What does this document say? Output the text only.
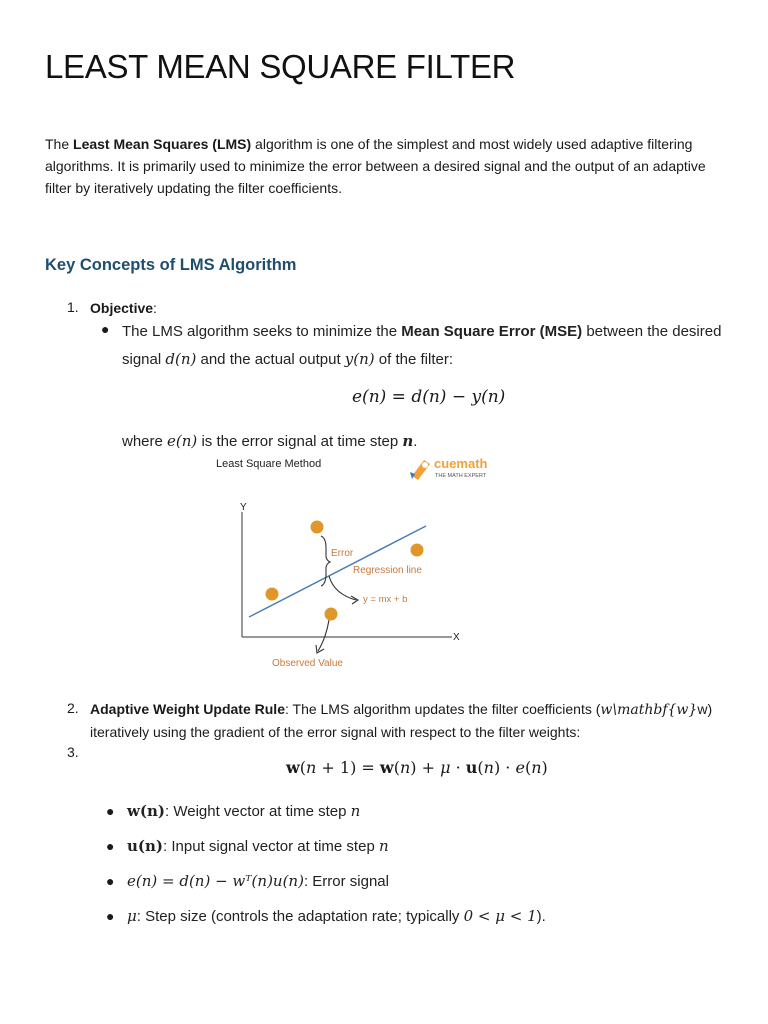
LEAST MEAN SQUARE FILTER

The Least Mean Squares (LMS) algorithm is one of the simplest and most widely used adaptive filtering algorithms. It is primarily used to minimize the error between a desired signal and the output of an adaptive filter by iteratively updating the filter coefficients.

Key Concepts of LMS Algorithm
1. Objective:
● The LMS algorithm seeks to minimize the Mean Square Error (MSE) between the desired
signal d(n) and the actual output y(n) of the filter:
e(n) = d(n) − y(n)
where e(n) is the error signal at time step n.
Least Square Method	cuemath
THE MATH EXPERT
Y
X
Error
Regression line
y = mx + b
Observed Value
2. Adaptive Weight Update Rule: The LMS algorithm updates the filter coefficients (w\mathbf{w}w)
iteratively using the gradient of the error signal with respect to the filter weights:
3.
w(n + 1) = w(n) + μ · u(n) · e(n)
● w(n): Weight vector at time step n
● u(n): Input signal vector at time step n
● e(n) = d(n) − wᵀ(n)u(n): Error signal
● μ: Step size (controls the adaptation rate; typically 0 < μ < 1).
